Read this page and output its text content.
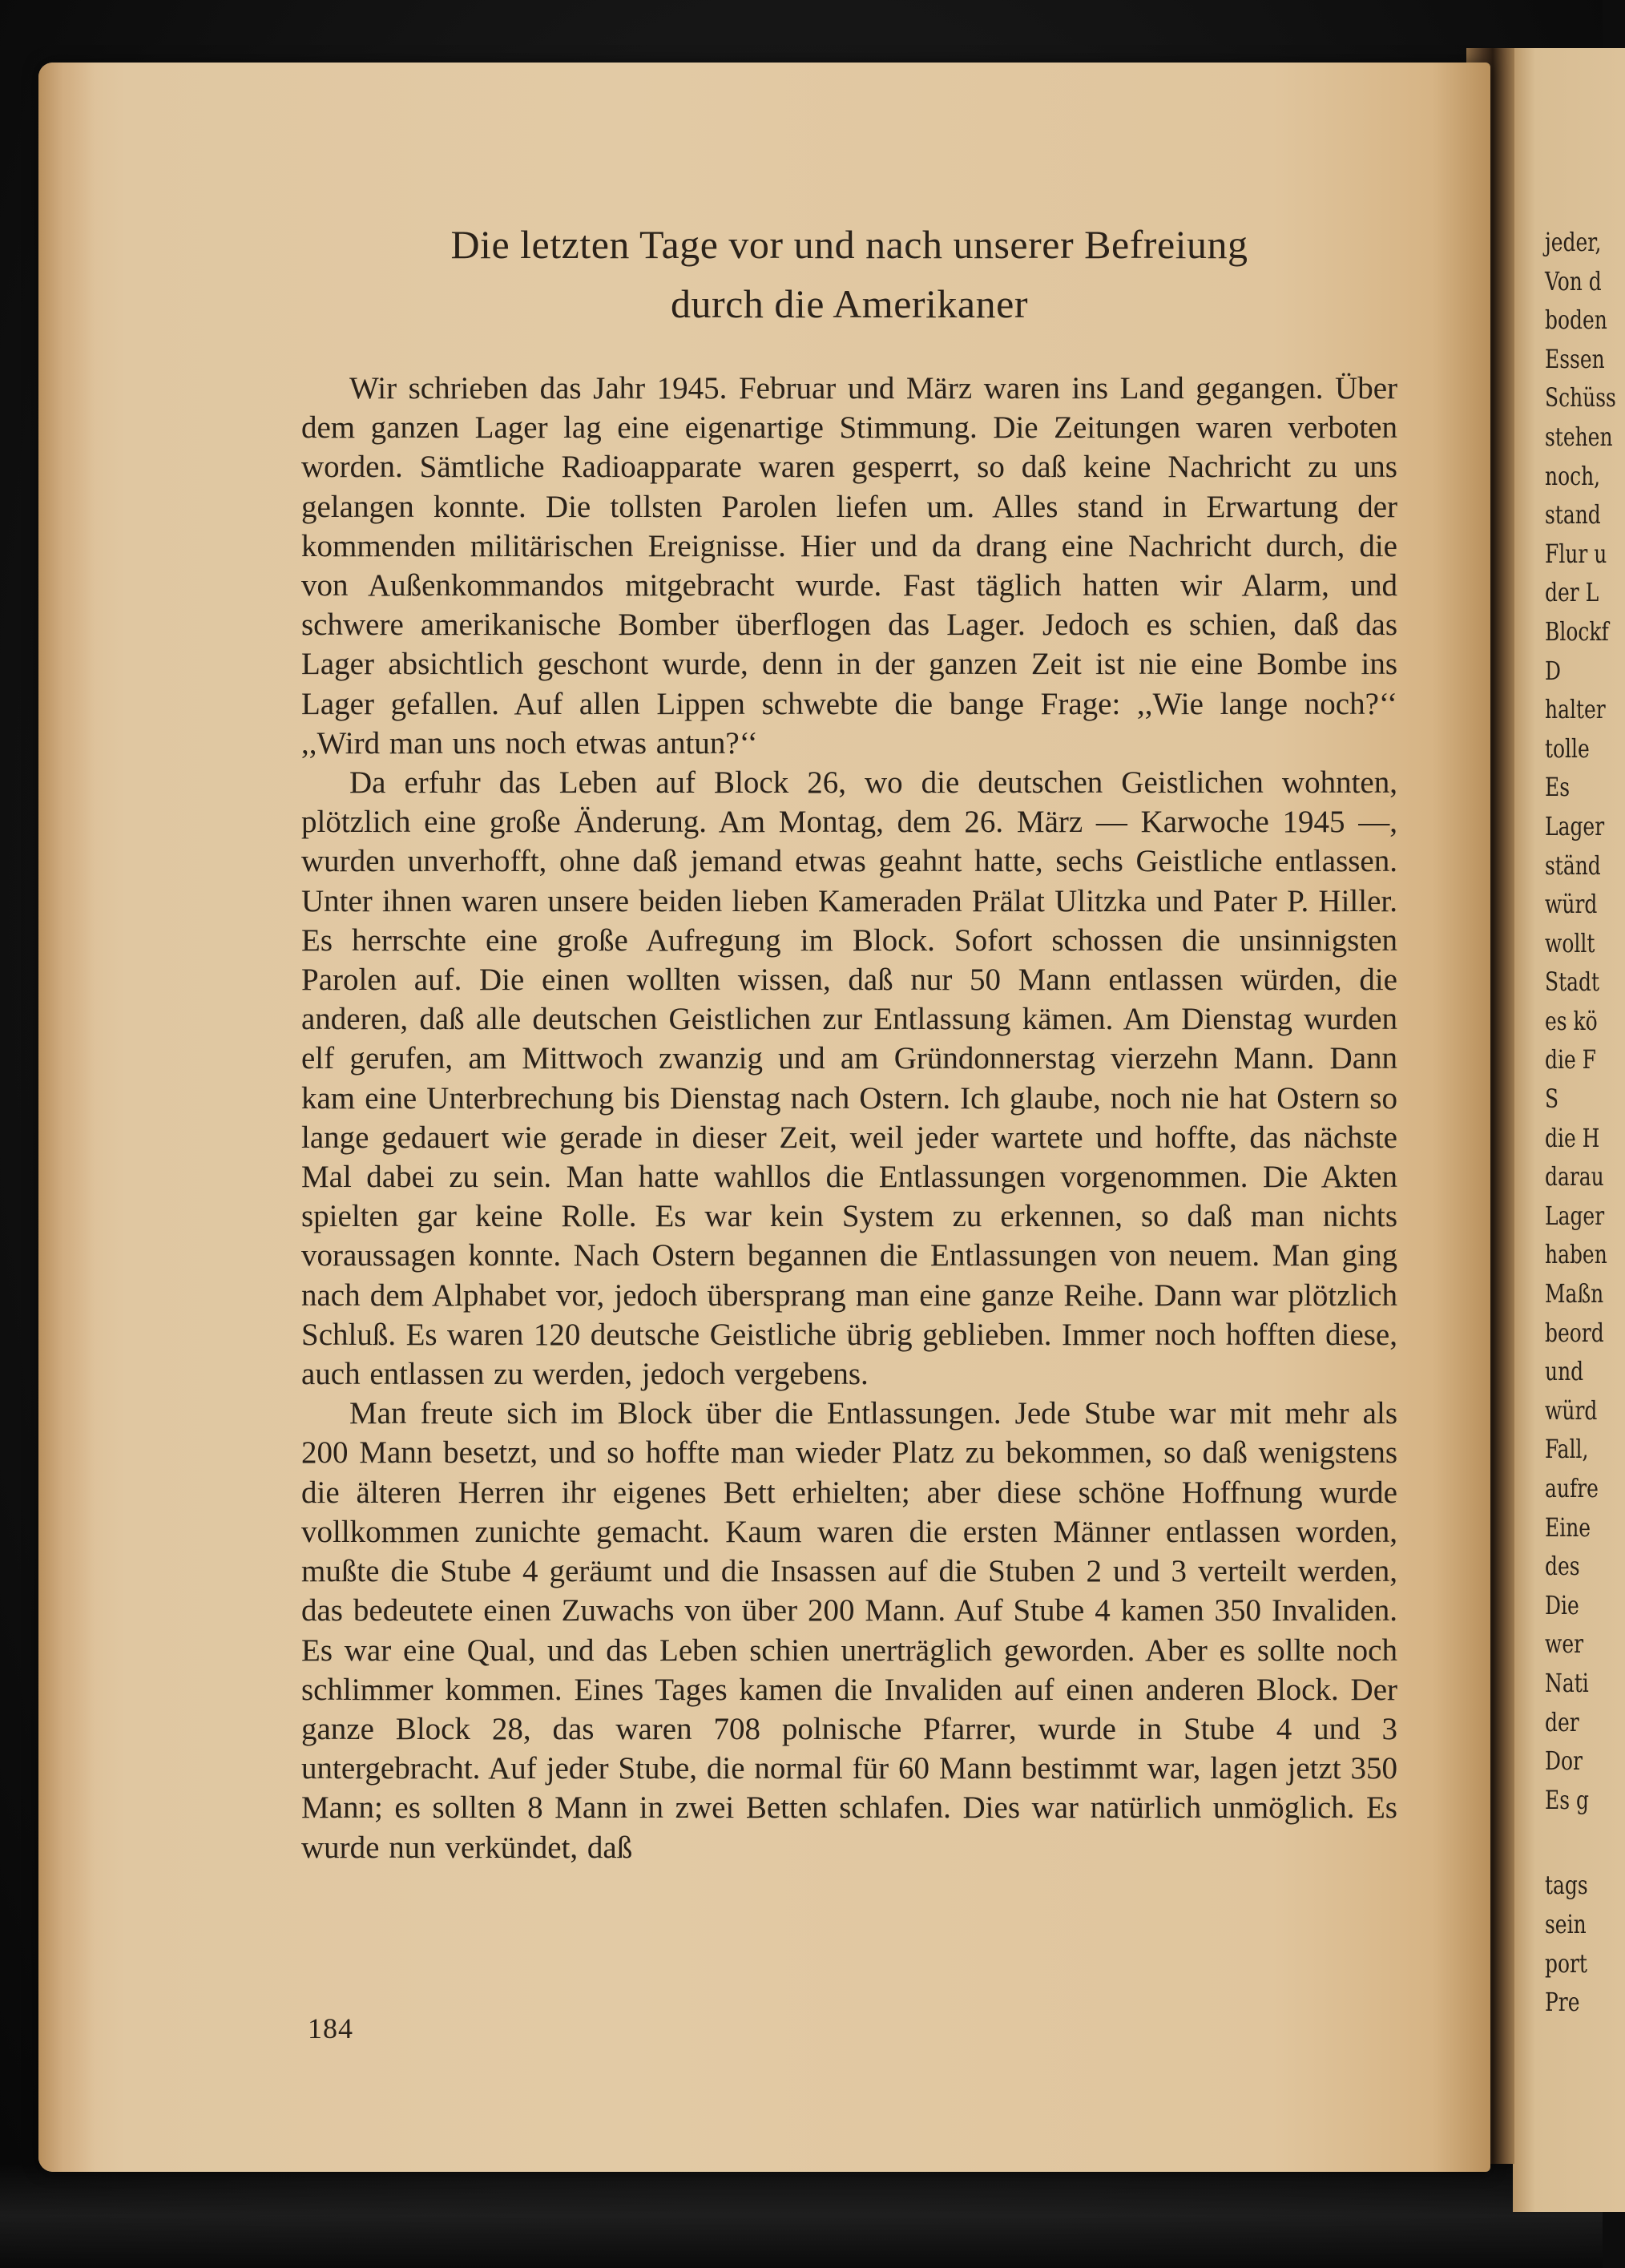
jeder,
Von d
boden
Essen
Schüss
stehen
noch,
stand
Flur u
der L
Blockf
D
halter
tolle
Es
Lager
ständ
würd
wollt
Stadt
es kö
die F
S
die H
darau
Lager
haben
Maßn
beord
und
würd
Fall,
aufre
Eine
des
Die
wer
Nati
der
Dor
Es g
tags
sein
port
Pre
Die letzten Tage vor und nach unserer Befreiung
durch die Amerikaner

Wir schrieben das Jahr 1945. Februar und März waren ins Land gegangen. Über dem ganzen Lager lag eine eigenartige Stimmung. Die Zeitungen waren verboten worden. Sämtliche Radioapparate waren gesperrt, so daß keine Nachricht zu uns gelangen konnte. Die tollsten Parolen liefen um. Alles stand in Erwartung der kommenden militärischen Ereignisse. Hier und da drang eine Nachricht durch, die von Außenkommandos mitgebracht wurde. Fast täglich hatten wir Alarm, und schwere amerikanische Bomber überflogen das Lager. Jedoch es schien, daß das Lager absichtlich geschont wurde, denn in der ganzen Zeit ist nie eine Bombe ins Lager gefallen. Auf allen Lippen schwebte die bange Frage: ,,Wie lange noch?‘‘ ,,Wird man uns noch etwas antun?‘‘

Da erfuhr das Leben auf Block 26, wo die deutschen Geistlichen wohnten, plötzlich eine große Änderung. Am Montag, dem 26. März — Karwoche 1945 —, wurden unverhofft, ohne daß jemand etwas geahnt hatte, sechs Geistliche entlassen. Unter ihnen waren unsere beiden lieben Kameraden Prälat Ulitzka und Pater P. Hiller. Es herrschte eine große Aufregung im Block. Sofort schossen die unsinnigsten Parolen auf. Die einen wollten wissen, daß nur 50 Mann entlassen würden, die anderen, daß alle deutschen Geistlichen zur Entlassung kämen. Am Dienstag wurden elf gerufen, am Mittwoch zwanzig und am Gründonnerstag vierzehn Mann. Dann kam eine Unterbrechung bis Dienstag nach Ostern. Ich glaube, noch nie hat Ostern so lange gedauert wie gerade in dieser Zeit, weil jeder wartete und hoffte, das nächste Mal dabei zu sein. Man hatte wahllos die Entlassungen vorgenommen. Die Akten spielten gar keine Rolle. Es war kein System zu erkennen, so daß man nichts voraussagen konnte. Nach Ostern begannen die Entlassungen von neuem. Man ging nach dem Alphabet vor, jedoch übersprang man eine ganze Reihe. Dann war plötzlich Schluß. Es waren 120 deutsche Geistliche übrig geblieben. Immer noch hofften diese, auch entlassen zu werden, jedoch vergebens.

Man freute sich im Block über die Entlassungen. Jede Stube war mit mehr als 200 Mann besetzt, und so hoffte man wieder Platz zu bekommen, so daß wenigstens die älteren Herren ihr eigenes Bett erhielten; aber diese schöne Hoffnung wurde vollkommen zunichte gemacht. Kaum waren die ersten Männer entlassen worden, mußte die Stube 4 geräumt und die Insassen auf die Stuben 2 und 3 verteilt werden, das bedeutete einen Zuwachs von über 200 Mann. Auf Stube 4 kamen 350 Invaliden. Es war eine Qual, und das Leben schien unerträglich geworden. Aber es sollte noch schlimmer kommen. Eines Tages kamen die Invaliden auf einen anderen Block. Der ganze Block 28, das waren 708 polnische Pfarrer, wurde in Stube 4 und 3 untergebracht. Auf jeder Stube, die normal für 60 Mann bestimmt war, lagen jetzt 350 Mann; es sollten 8 Mann in zwei Betten schlafen. Dies war natürlich unmöglich. Es wurde nun verkündet, daß

184
